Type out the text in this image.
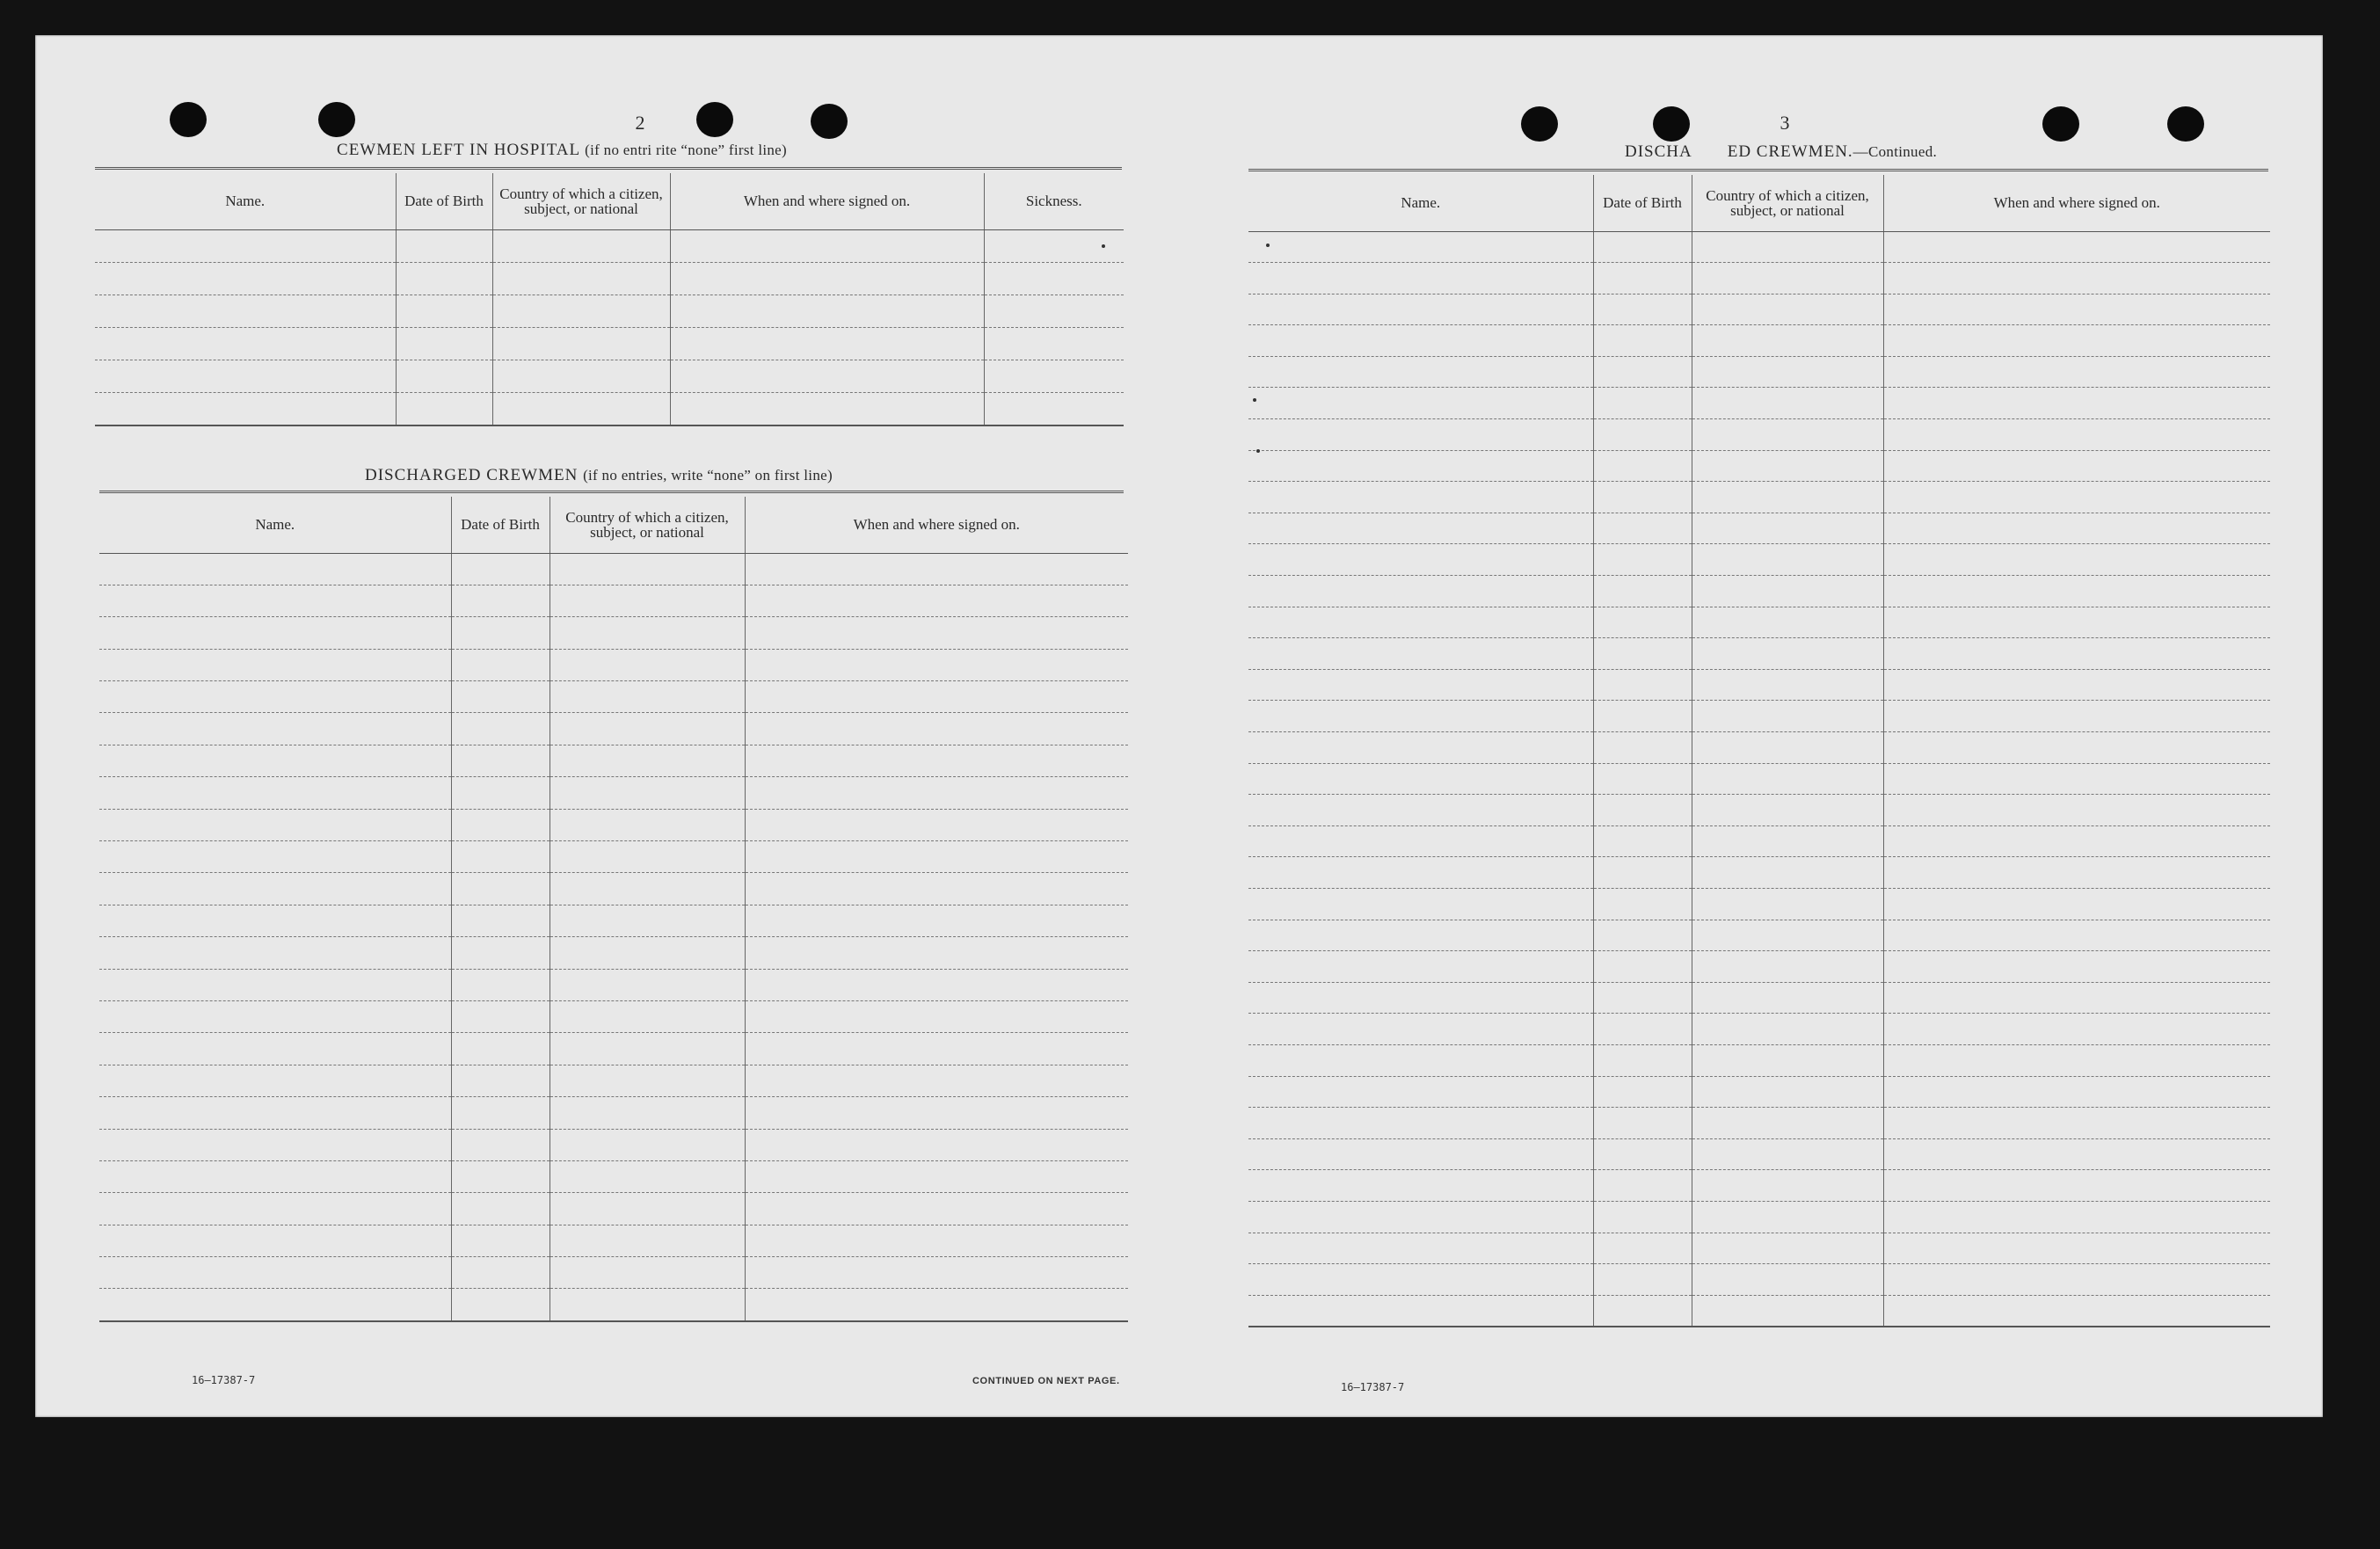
2
CEWMEN LEFT IN HOSPITAL (if no entri rite “none” first line)
Name.	Date of Birth	Country of which a citizen, subject, or national	When and where signed on.	Sickness.

DISCHARGED CREWMEN (if no entries, write “none” on first line)
Name.	Date of Birth	Country of which a citizen, subject, or national	When and where signed on.

16—17387-7	CONTINUED ON NEXT PAGE.
3
DISCHA ED CREWMEN.—Continued.
Name.	Date of Birth	Country of which a citizen, subject, or national	When and where signed on.

16—17387-7
